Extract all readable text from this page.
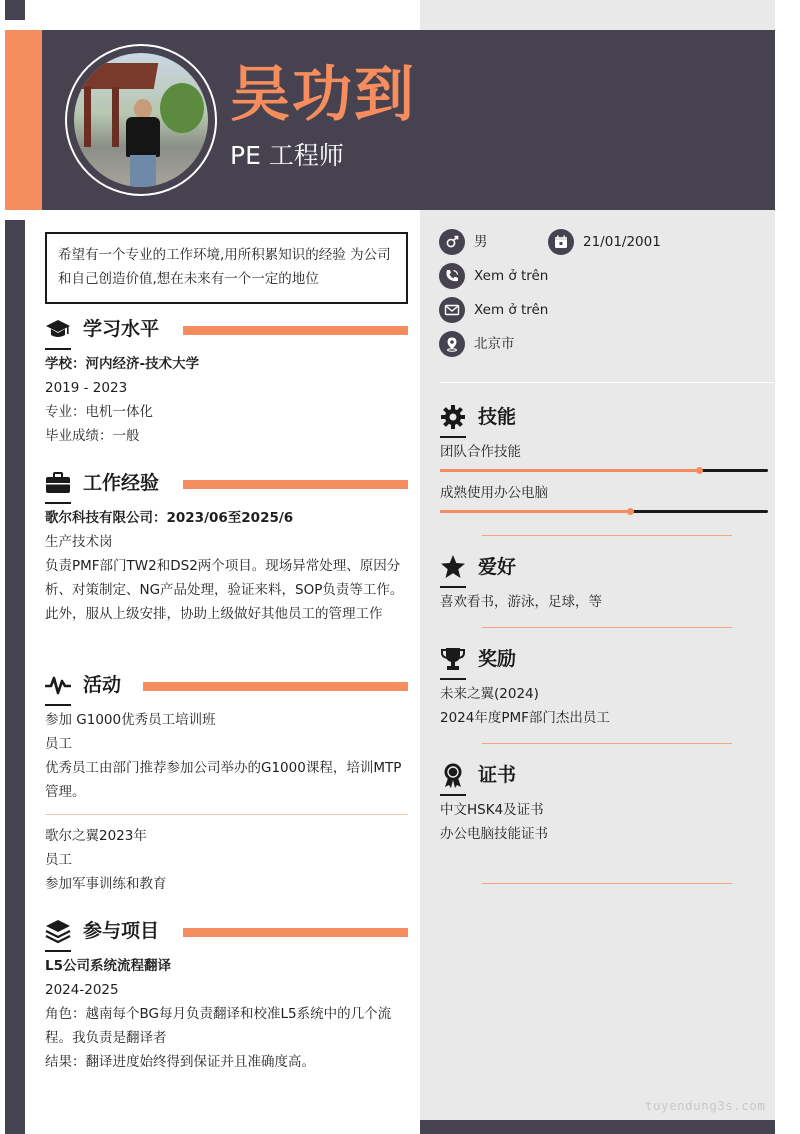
吴功到
PE 工程师
希望有一个专业的工作环境,用所积累知识的经验 为公司和自己创造价值,想在未来有一个一定的地位
学习水平
学校：河内经济-技术大学
2019 - 2023
专业：电机一体化
毕业成绩：一般
工作经验
歌尔科技有限公司：2023/06至2025/6
生产技术岗
负责PMF部门TW2和DS2两个项目。现场异常处理、原因分析、对策制定、NG产品处理，验证来料，SOP负责等工作。此外，服从上级安排，协助上级做好其他员工的管理工作
活动
参加 G1000优秀员工培训班
员工
优秀员工由部门推荐参加公司举办的G1000课程，培训MTP管理。
歌尔之翼2023年
员工
参加军事训练和教育
参与项目
L5公司系统流程翻译
2024-2025
角色：越南每个BG每月负责翻译和校准L5系统中的几个流程。我负责是翻译者
结果：翻译进度始终得到保证并且准确度高。
男	21/01/2001
Xem ở trên
Xem ở trên
北京市
技能
团队合作技能
成熟使用办公电脑
爱好
喜欢看书，游泳，足球，等
奖励
未来之翼(2024)
2024年度PMF部门杰出员工
证书
中文HSK4及证书
办公电脑技能证书
tuyendung3s.com
